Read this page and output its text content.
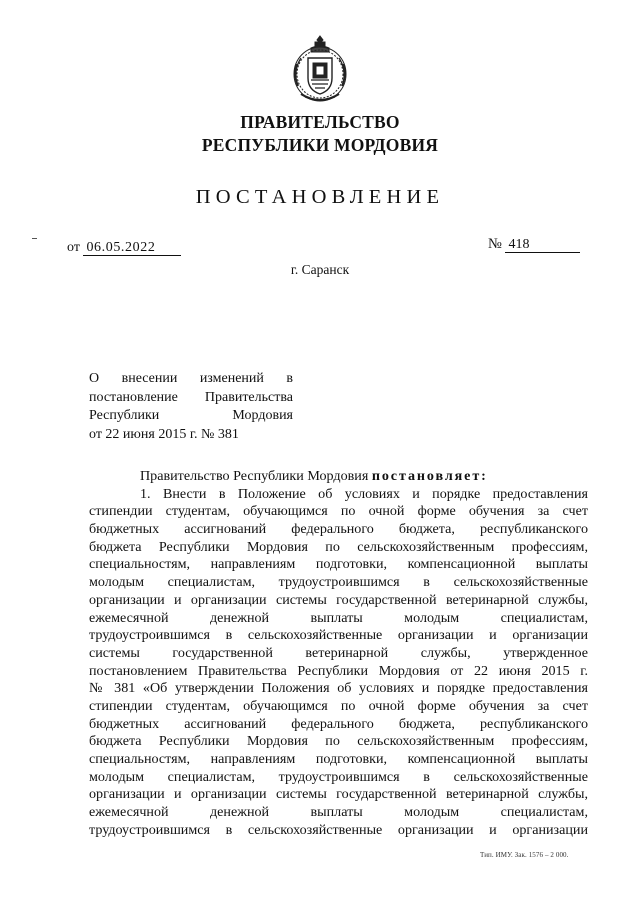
ПРАВИТЕЛЬСТВО
РЕСПУБЛИКИ МОРДОВИЯ
ПОСТАНОВЛЕНИЕ
от 06.05.2022	№ 418
г. Саранск
О внесении изменений в
постановление Правительства
Республики Мордовия
от 22 июня 2015 г. № 381
Правительство Республики Мордовия постановляет:
1. Внести в Положение об условиях и порядке предоставления
стипендии студентам, обучающимся по очной форме обучения за счет
бюджетных ассигнований федерального бюджета, республиканского
бюджета Республики Мордовия по сельскохозяйственным профессиям,
специальностям, направлениям подготовки, компенсационной выплаты
молодым специалистам, трудоустроившимся в сельскохозяйственные
организации и организации системы государственной ветеринарной службы,
ежемесячной денежной выплаты молодым специалистам,
трудоустроившимся в сельскохозяйственные организации и организации
системы государственной ветеринарной службы, утвержденное
постановлением Правительства Республики Мордовия от 22 июня 2015 г.
№ 381 «Об утверждении Положения об условиях и порядке предоставления
стипендии студентам, обучающимся по очной форме обучения за счет
бюджетных ассигнований федерального бюджета, республиканского
бюджета Республики Мордовия по сельскохозяйственным профессиям,
специальностям, направлениям подготовки, компенсационной выплаты
молодым специалистам, трудоустроившимся в сельскохозяйственные
организации и организации системы государственной ветеринарной службы,
ежемесячной денежной выплаты молодым специалистам,
трудоустроившимся в сельскохозяйственные организации и организации
Тип. ИМУ. Зак. 1576 – 2 000.
